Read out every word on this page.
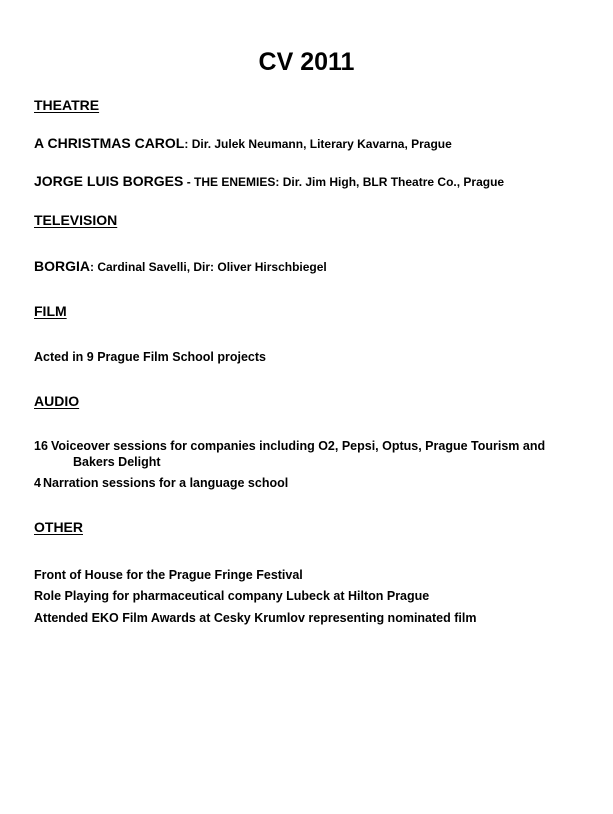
CV 2011
THEATRE

A CHRISTMAS CAROL: Dir. Julek Neumann, Literary Kavarna, Prague

JORGE LUIS BORGES - THE ENEMIES: Dir. Jim High, BLR Theatre Co., Prague

TELEVISION

BORGIA: Cardinal Savelli, Dir: Oliver Hirschbiegel

FILM

Acted in 9 Prague Film School projects

AUDIO
16 Voiceover sessions for companies including O2, Pepsi, Optus, Prague Tourism and
Bakers Delight
4 Narration sessions for a language school
OTHER

Front of House for the Prague Fringe Festival

Role Playing for pharmaceutical company Lubeck at Hilton Prague

Attended EKO Film Awards at Cesky Krumlov representing nominated film
